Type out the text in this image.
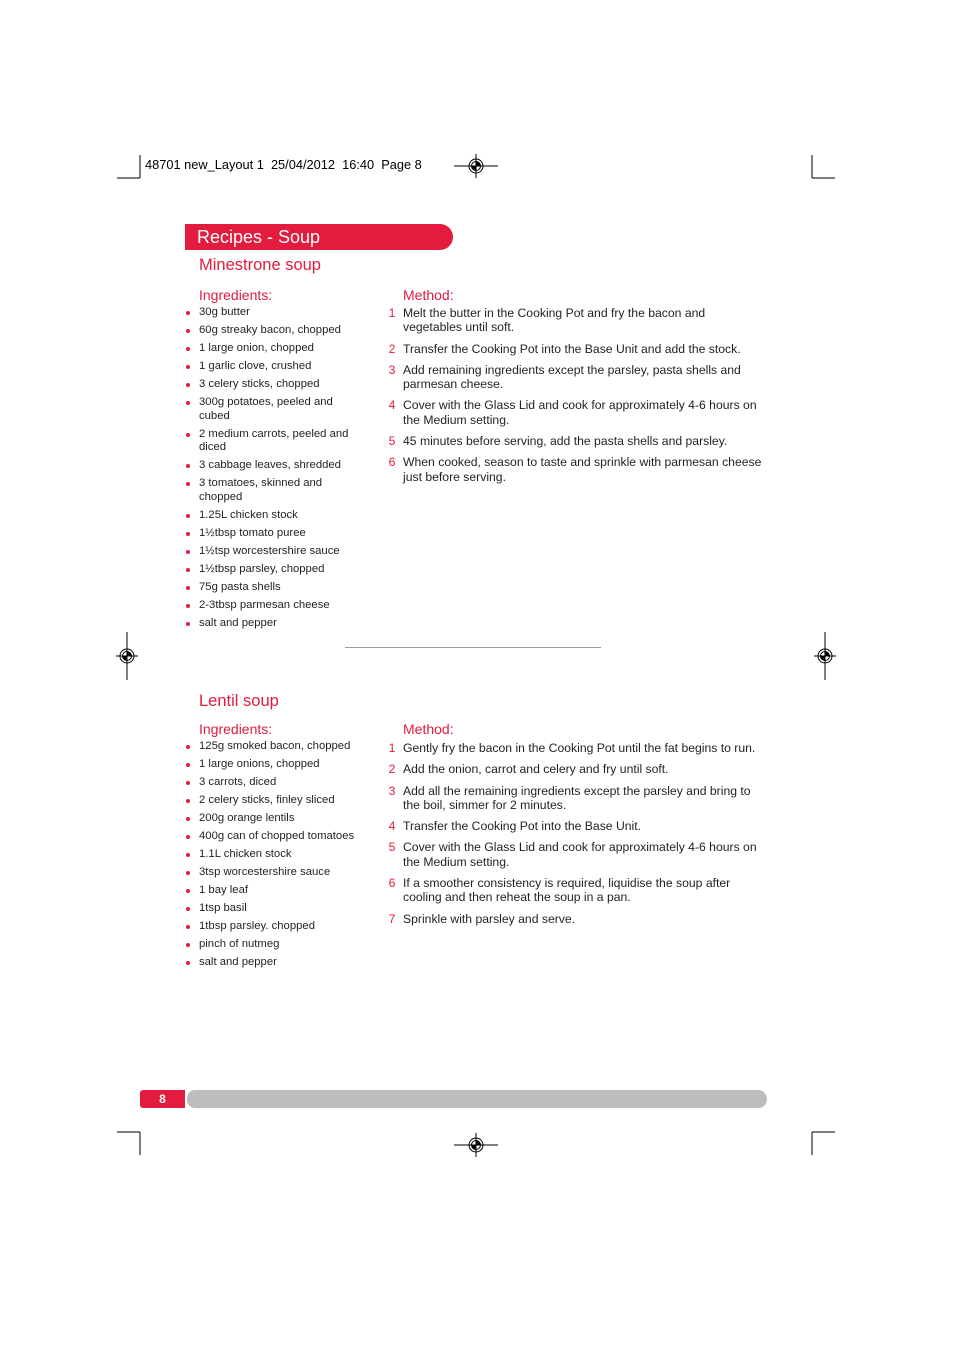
48701 new_Layout 1  25/04/2012  16:40  Page 8
Recipes - Soup
Minestrone soup
Ingredients:	Method:
30g butter
60g streaky bacon, chopped
1 large onion, chopped
1 garlic clove, crushed
3 celery sticks, chopped
300g potatoes, peeled and cubed
2 medium carrots, peeled and diced
3 cabbage leaves, shredded
3 tomatoes, skinned and chopped
1.25L chicken stock
1½tbsp tomato puree
1½tsp worcestershire sauce
1½tbsp parsley, chopped
75g pasta shells
2-3tbsp parmesan cheese
salt and pepper
1 Melt the butter in the Cooking Pot and fry the bacon and vegetables until soft.
2 Transfer the Cooking Pot into the Base Unit and add the stock.
3 Add remaining ingredients except the parsley, pasta shells and parmesan cheese.
4 Cover with the Glass Lid and cook for approximately 4-6 hours on the Medium setting.
5 45 minutes before serving, add the pasta shells and parsley.
6 When cooked, season to taste and sprinkle with parmesan cheese just before serving.
Lentil soup
Ingredients:	Method:
125g smoked bacon, chopped
1 large onions, chopped
3 carrots, diced
2 celery sticks, finley sliced
200g orange lentils
400g can of chopped tomatoes
1.1L chicken stock
3tsp worcestershire sauce
1 bay leaf
1tsp basil
1tbsp parsley. chopped
pinch of nutmeg
salt and pepper
1 Gently fry the bacon in the Cooking Pot until the fat begins to run.
2 Add the onion, carrot and celery and fry until soft.
3 Add all the remaining ingredients except the parsley and bring to the boil, simmer for 2 minutes.
4 Transfer the Cooking Pot into the Base Unit.
5 Cover with the Glass Lid and cook for approximately 4-6 hours on the Medium setting.
6 If a smoother consistency is required, liquidise the soup after cooling and then reheat the soup in a pan.
7 Sprinkle with parsley and serve.
8
